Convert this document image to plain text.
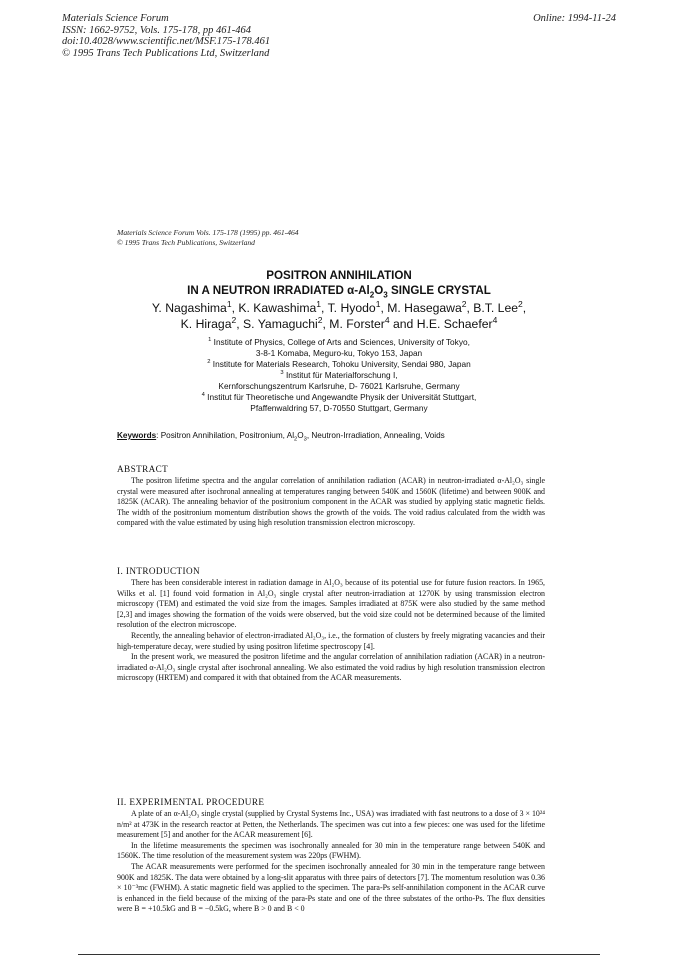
Materials Science Forum
ISSN: 1662-9752, Vols. 175-178, pp 461-464
doi:10.4028/www.scientific.net/MSF.175-178.461
© 1995 Trans Tech Publications Ltd, Switzerland
Online: 1994-11-24
Materials Science Forum Vols. 175-178 (1995) pp. 461-464
© 1995 Trans Tech Publications, Switzerland
POSITRON ANNIHILATION
IN A NEUTRON IRRADIATED $\alpha-Al_2O_3$ SINGLE CRYSTAL
Y. Nagashima$^1$, K. Kawashima$^1$, T. Hyodo$^1$, M. Hasegawa$^2$, B.T. Lee$^2$,
K. Hiraga$^2$, S. Yamaguchi$^2$, M. Forster$^4$ and H.E. Schaefer$^4$
$^1$ Institute of Physics, College of Arts and Sciences, University of Tokyo,
3-8-1 Komaba, Meguro-ku, Tokyo 153, Japan
$^2$ Institute for Materials Research, Tohoku University, Sendai 980, Japan
$^3$ Institut für Materialforschung I,
Kernforschungszentrum Karlsruhe, D- 76021 Karlsruhe, Germany
$^4$ Institut für Theoretische und Angewandte Physik der Universität Stuttgart,
Pfaffenwaldring 57, D-70550 Stuttgart, Germany
Keywords: Positron Annihilation, Positronium, $Al_2O_3$, Neutron-Irradiation, Annealing, Voids
ABSTRACT

The positron lifetime spectra and the angular correlation of annihilation radiation (ACAR) in neutron-irradiated α-Al₂O₃ single crystal were measured after isochronal annealing at temperatures ranging between 540K and 1560K (lifetime) and between 900K and 1825K (ACAR). The annealing behavior of the positronium component in the ACAR was studied by applying static magnetic fields. The width of the positronium momentum distribution shows the growth of the voids. The void radius calculated from the width was compared with the value estimated by using high resolution transmission electron microscopy.

I. INTRODUCTION

There has been considerable interest in radiation damage in Al₂O₃ because of its potential use for future fusion reactors. In 1965, Wilks et al. [1] found void formation in Al₂O₃ single crystal after neutron-irradiation at 1270K by using transmission electron microscopy (TEM) and estimated the void size from the images. Samples irradiated at 875K were also studied by the same method [2,3] and images showing the formation of the voids were observed, but the void size could not be determined because of the limited resolution of the electron microscope.

Recently, the annealing behavior of electron-irradiated Al₂O₃, i.e., the formation of clusters by freely migrating vacancies and their high-temperature decay, were studied by using positron lifetime spectroscopy [4].

In the present work, we measured the positron lifetime and the angular correlation of annihilation radiation (ACAR) in a neutron-irradiated α-Al₂O₃ single crystal after isochronal annealing. We also estimated the void radius by high resolution transmission electron microscopy (HRTEM) and compared it with that obtained from the ACAR measurements.

II. EXPERIMENTAL PROCEDURE

A plate of an α-Al₂O₃ single crystal (supplied by Crystal Systems Inc., USA) was irradiated with fast neutrons to a dose of 3 × 10²⁴ n/m² at 473K in the research reactor at Petten, the Netherlands. The specimen was cut into a few pieces: one was used for the lifetime measurement [5] and another for the ACAR measurement [6].

In the lifetime measurements the specimen was isochronally annealed for 30 min in the temperature range between 540K and 1560K. The time resolution of the measurement system was 220ps (FWHM).

The ACAR measurements were performed for the specimen isochronally annealed for 30 min in the temperature range between 900K and 1825K. The data were obtained by a long-slit apparatus with three pairs of detectors [7]. The momentum resolution was 0.36 × 10⁻³mc (FWHM). A static magnetic field was applied to the specimen. The para-Ps self-annihilation component in the ACAR curve is enhanced in the field because of the mixing of the para-Ps state and one of the three substates of the ortho-Ps. The flux densities were B = +10.5kG and B = −0.5kG, where B > 0 and B < 0
